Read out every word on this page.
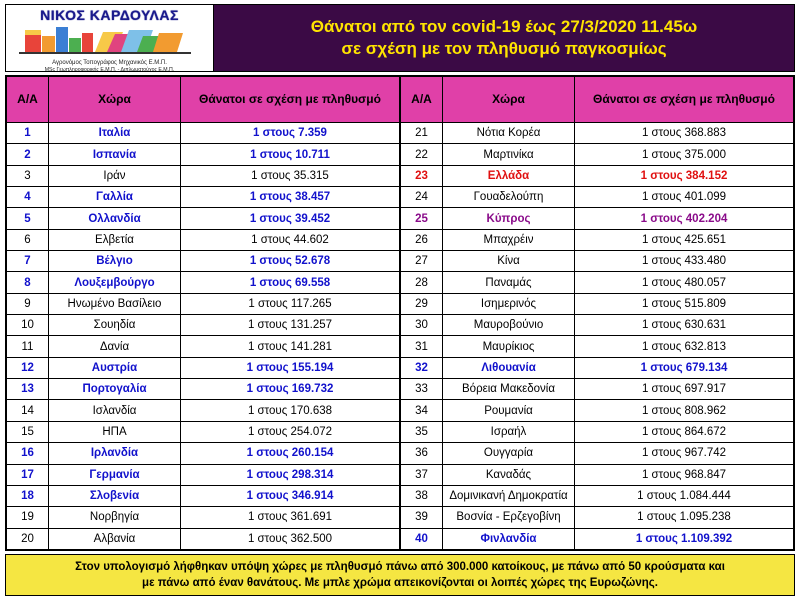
ΝΙΚΟΣ ΚΑΡΔΟΥΛΑΣ
Αγρονόμος Τοπογράφος Μηχανικός Ε.Μ.Π.
MSc Γεωπληροφορικής Ε.Μ.Π. - Διπλωματούχος Ε.Μ.Π.
Θάνατοι από τον covid-19 έως 27/3/2020 11.45ω
σε σχέση με τον πληθυσμό παγκοσμίως
Α/Α	Χώρα	Θάνατοι σε σχέση με πληθυσμό
1	Ιταλία	1 στους 7.359
2	Ισπανία	1 στους 10.711
3	Ιράν	1 στους 35.315
4	Γαλλία	1 στους 38.457
5	Ολλανδία	1 στους 39.452
6	Ελβετία	1 στους 44.602
7	Βέλγιο	1 στους 52.678
8	Λουξεμβούργο	1 στους 69.558
9	Ηνωμένο Βασίλειο	1 στους 117.265
10	Σουηδία	1 στους 131.257
11	Δανία	1 στους 141.281
12	Αυστρία	1 στους 155.194
13	Πορτογαλία	1 στους 169.732
14	Ισλανδία	1 στους 170.638
15	ΗΠΑ	1 στους 254.072
16	Ιρλανδία	1 στους 260.154
17	Γερμανία	1 στους 298.314
18	Σλοβενία	1 στους 346.914
19	Νορβηγία	1 στους 361.691
20	Αλβανία	1 στους 362.500
Α/Α	Χώρα	Θάνατοι σε σχέση με πληθυσμό
21	Νότια Κορέα	1 στους 368.883
22	Μαρτινίκα	1 στους 375.000
23	Ελλάδα	1 στους 384.152
24	Γουαδελούπη	1 στους 401.099
25	Κύπρος	1 στους 402.204
26	Μπαχρέιν	1 στους 425.651
27	Κίνα	1 στους 433.480
28	Παναμάς	1 στους 480.057
29	Ισημερινός	1 στους 515.809
30	Μαυροβούνιο	1 στους 630.631
31	Μαυρίκιος	1 στους 632.813
32	Λιθουανία	1 στους 679.134
33	Βόρεια Μακεδονία	1 στους 697.917
34	Ρουμανία	1 στους 808.962
35	Ισραήλ	1 στους 864.672
36	Ουγγαρία	1 στους 967.742
37	Καναδάς	1 στους 968.847
38	Δομινικανή Δημοκρατία	1 στους 1.084.444
39	Βοσνία - Ερζεγοβίνη	1 στους 1.095.238
40	Φινλανδία	1 στους 1.109.392
Στον υπολογισμό λήφθηκαν υπόψη χώρες με πληθυσμό πάνω από 300.000 κατοίκους, με πάνω από 50 κρούσματα και
με πάνω από έναν θανάτους. Με μπλε χρώμα απεικονίζονται οι λοιπές χώρες της Ευρωζώνης.
